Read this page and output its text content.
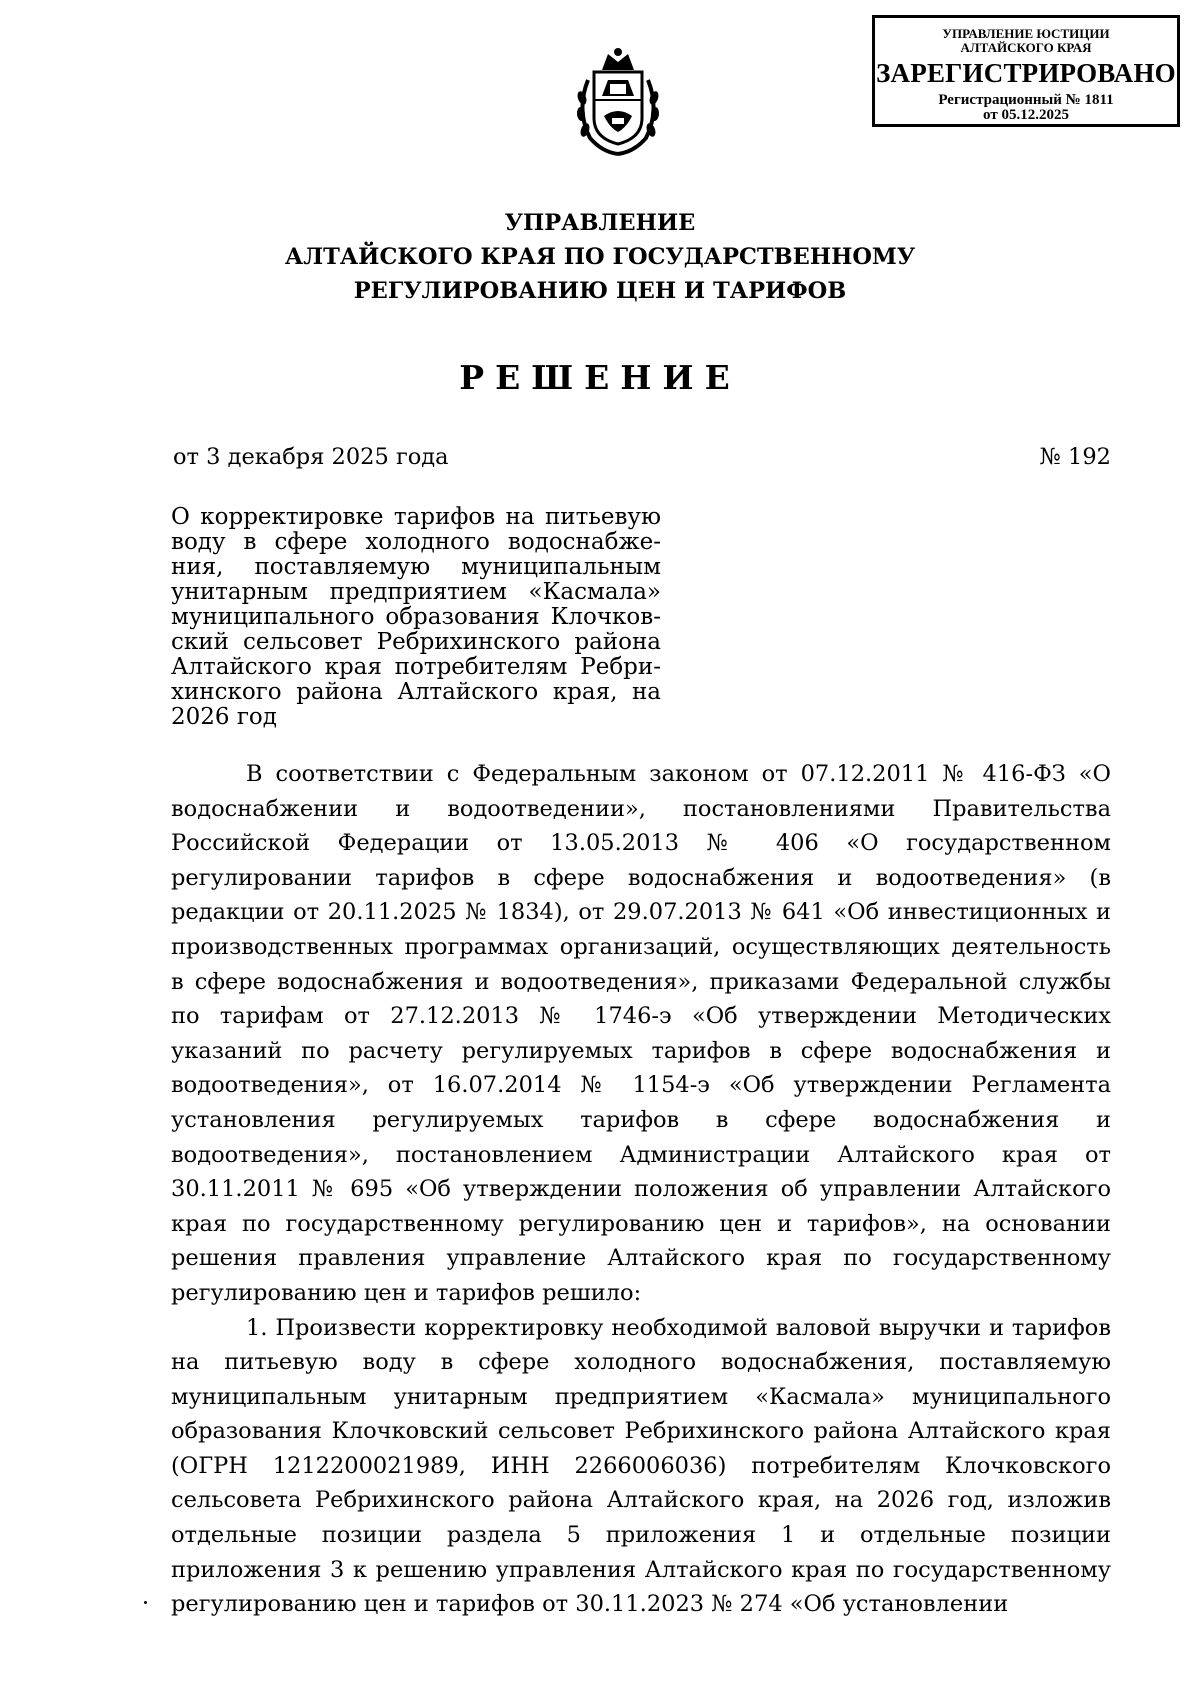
УПРАВЛЕНИЕ ЮСТИЦИИ
АЛТАЙСКОГО КРАЯ
ЗАРЕГИСТРИРОВАНО
Регистрационный № 1811
от 05.12.2025
УПРАВЛЕНИЕ
АЛТАЙСКОГО КРАЯ ПО ГОСУДАРСТВЕННОМУ
РЕГУЛИРОВАНИЮ ЦЕН И ТАРИФОВ
РЕШЕНИЕ
от 3 декабря 2025 года	№ 192
О корректировке тарифов на питьевую воду в сфере холодного водоснабже-ния, поставляемую муниципальным унитарным предприятием «Касмала» муниципального образования Клочков-ский сельсовет Ребрихинского района Алтайского края потребителям Ребри-хинского района Алтайского края, на 2026 год

В соответствии с Федеральным законом от 07.12.2011 № 416-ФЗ «О водоснабжении и водоотведении», постановлениями Правительства Российской Федерации от 13.05.2013 № 406 «О государственном регулировании тарифов в сфере водоснабжения и водоотведения» (в редакции от 20.11.2025 № 1834), от 29.07.2013 № 641 «Об инвестиционных и производственных программах организаций, осуществляющих деятельность в сфере водоснабжения и водоотведения», приказами Федеральной службы по тарифам от 27.12.2013 № 1746-э «Об утверждении Методических указаний по расчету регулируемых тарифов в сфере водоснабжения и водоотведения», от 16.07.2014 № 1154-э «Об утверждении Регламента установления регулируемых тарифов в сфере водоснабжения и водоотведения», постановлением Администрации Алтайского края от 30.11.2011 № 695 «Об утверждении положения об управлении Алтайского края по государственному регулированию цен и тарифов», на основании решения правления управление Алтайского края по государственному регулированию цен и тарифов решило:

1. Произвести корректировку необходимой валовой выручки и тарифов на питьевую воду в сфере холодного водоснабжения, поставляемую муниципальным унитарным предприятием «Касмала» муниципального образования Клочковский сельсовет Ребрихинского района Алтайского края (ОГРН 1212200021989, ИНН 2266006036) потребителям Клочковского сельсовета Ребрихинского района Алтайского края, на 2026 год, изложив отдельные позиции раздела 5 приложения 1 и отдельные позиции приложения 3 к решению управления Алтайского края по государственному регулированию цен и тарифов от 30.11.2023 № 274 «Об установлении
